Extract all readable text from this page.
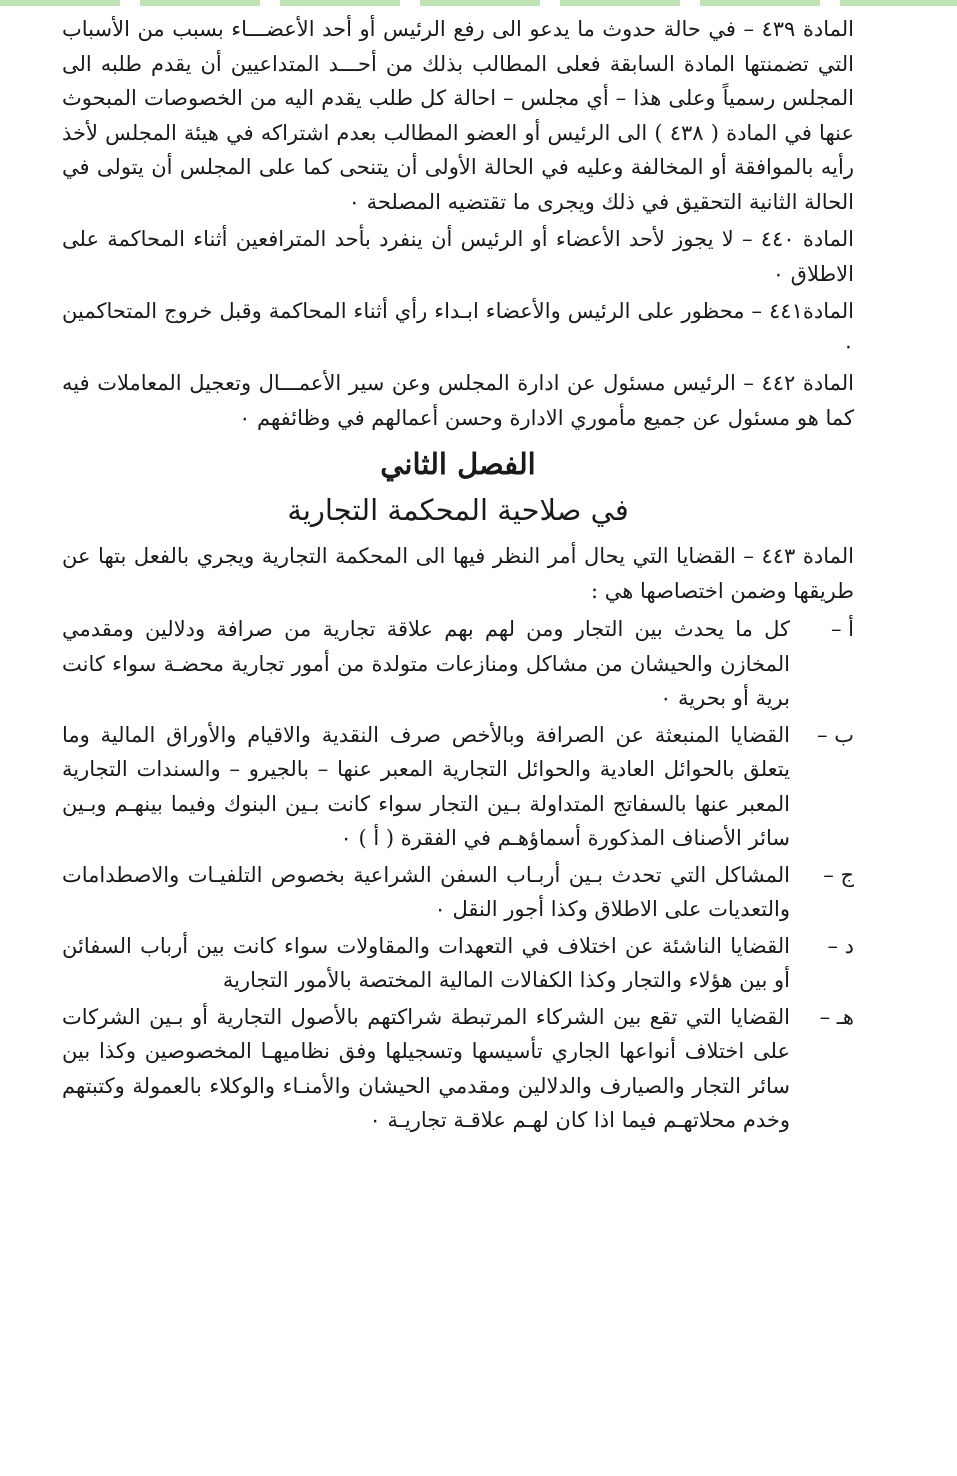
المادة ٤٣٩ – في حالة حدوث ما يدعو الى رفع الرئيس أو أحد الأعضـــاء بسبب من الأسباب التي تضمنتها المادة السابقة فعلى المطالب بذلك من أحـــد المتداعيين أن يقدم طلبه الى المجلس رسمياً وعلى هذا – أي مجلس – احالة كل طلب يقدم اليه من الخصوصات المبحوث عنها في المادة ( ٤٣٨ ) الى الرئيس أو العضو المطالب بعدم اشتراكه في هيئة المجلس لأخذ رأيه بالموافقة أو المخالفة وعليه في الحالة الأولى أن يتنحى كما على المجلس أن يتولى في الحالة الثانية التحقيق في ذلك ويجرى ما تقتضيه المصلحة ٠

المادة ٤٤٠ – لا يجوز لأحد الأعضاء أو الرئيس أن ينفرد بأحد المترافعين أثناء المحاكمة على الاطلاق ٠

المادة٤٤١ – محظور على الرئيس والأعضاء ابـداء رأي أثناء المحاكمة وقبل خروج المتحاكمين ٠

المادة ٤٤٢ – الرئيس مسئول عن ادارة المجلس وعن سير الأعمـــال وتعجيل المعاملات فيه كما هو مسئول عن جميع مأموري الادارة وحسن أعمالهم في وظائفهم ٠

الفصل الثاني
في صلاحية المحكمة التجارية

المادة ٤٤٣ – القضايا التي يحال أمر النظر فيها الى المحكمة التجارية ويجري بالفعل بتها عن طريقها وضمن اختصاصها هي :

أ –
كل ما يحدث بين التجار ومن لهم بهم علاقة تجارية من صرافة ودلالين ومقدمي المخازن والحيشان من مشاكل ومنازعات متولدة من أمور تجارية محضـة سواء كانت برية أو بحرية ٠
ب –
القضايا المنبعثة عن الصرافة وبالأخص صرف النقدية والاقيام والأوراق المالية وما يتعلق بالحوائل العادية والحوائل التجارية المعبر عنها – بالجيرو – والسندات التجارية المعبر عنها بالسفاتج المتداولة بـين التجار سواء كانت بـين البنوك وفيما بينهـم وبـين سائر الأصناف المذكورة أسماؤهـم في الفقرة ( أ ) ٠
ج –
المشاكل التي تحدث بـين أربـاب السفن الشراعية بخصوص التلفيـات والاصطدامات والتعديات على الاطلاق وكذا أجور النقل ٠
د –
القضايا الناشئة عن اختلاف في التعهدات والمقاولات سواء كانت بين أرباب السفائن أو بين هؤلاء والتجار وكذا الكفالات المالية المختصة بالأمور التجارية
هـ –
القضايا التي تقع بين الشركاء المرتبطة شراكتهم بالأصول التجارية أو بـين الشركات على اختلاف أنواعها الجاري تأسيسها وتسجيلها وفق نظاميهـا المخصوصين وكذا بين سائر التجار والصيارف والدلالين ومقدمي الحيشان والأمنـاء والوكلاء بالعمولة وكتبتهم وخدم محلاتهـم فيما اذا كان لهـم علاقـة تجاريـة ٠
